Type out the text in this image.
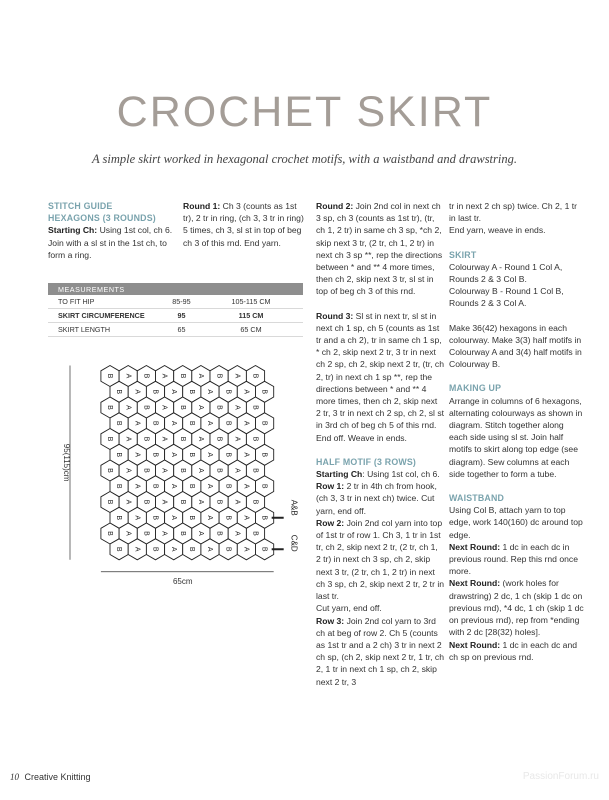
CROCHET SKIRT
A simple skirt worked in hexagonal crochet motifs, with a waistband and drawstring.
STITCH GUIDE
HEXAGONS (3 ROUNDS)

Starting Ch: Using 1st col, ch 6. Join with a sl st in the 1st ch, to form a ring.

Round 1: Ch 3 (counts as 1st tr), 2 tr in ring, (ch 3, 3 tr in ring) 5 times, ch 3, sl st in top of beg ch 3 of this rnd. End yarn.

MEASUREMENTS
TO FIT HIP	85-95	105-115 CM
SKIRT CIRCUMFERENCE	95	115 CM
SKIRT LENGTH	65	65 CM
B A B A B A B A B
B A B A B A B A B
B A B A B A B A B
B A B A B A B A B
B A B A B A B A B
B A B A B A B A B
B A B A B A B A B
B A B A B A B A B
B A B A B A B A B
B A B A B A B A B
B A B A B A B A B
B A B A B A B A B
65cm
95(115)cm
A&B
C&D

Round 2: Join 2nd col in next ch 3 sp, ch 3 (counts as 1st tr), (tr, ch 1, 2 tr) in same ch 3 sp, *ch 2, skip next 3 tr, (2 tr, ch 1, 2 tr) in next ch 3 sp **, rep the directions between * and ** 4 more times, then ch 2, skip next 3 tr, sl st in top of beg ch 3 of this rnd.

Round 3: Sl st in next tr, sl st in next ch 1 sp, ch 5 (counts as 1st tr and a ch 2), tr in same ch 1 sp, * ch 2, skip next 2 tr, 3 tr in next ch 2 sp, ch 2, skip next 2 tr, (tr, ch 2, tr) in next ch 1 sp **, rep the directions between * and ** 4 more times, then ch 2, skip next 2 tr, 3 tr in next ch 2 sp, ch 2, sl st in 3rd ch of beg ch 5 of this rnd.

End off. Weave in ends.

HALF MOTIF (3 ROWS)
Starting Ch: Using 1st col, ch 6.
Row 1: 2 tr in 4th ch from hook, (ch 3, 3 tr in next ch) twice. Cut yarn, end off.
Row 2: Join 2nd col yarn into top of 1st tr of row 1. Ch 3, 1 tr in 1st tr, ch 2, skip next 2 tr, (2 tr, ch 1, 2 tr) in next ch 3 sp, ch 2, skip next 3 tr, (2 tr, ch 1, 2 tr) in next ch 3 sp, ch 2, skip next 2 tr, 2 tr in last tr.
Cut yarn, end off.
Row 3: Join 2nd col yarn to 3rd ch at beg of row 2. Ch 5 (counts as 1st tr and a 2 ch) 3 tr in next 2 ch sp, (ch 2, skip next 2 tr, 1 tr, ch 2, 1 tr in next ch 1 sp, ch 2, skip next 2 tr, 3

tr in next 2 ch sp) twice. Ch 2, 1 tr in last tr.
End yarn, weave in ends.

SKIRT

Colourway A - Round 1 Col A,
Rounds 2 & 3 Col B.
Colourway B - Round 1 Col B,
Rounds 2 & 3 Col A.

Make 36(42) hexagons in each colourway. Make 3(3) half motifs in Colourway A and 3(4) half motifs in Colourway B.

MAKING UP

Arrange in columns of 6 hexagons, alternating colourways as shown in diagram. Stitch together along each side using sl st. Join half motifs to skirt along top edge (see diagram). Sew columns at each side together to form a tube.

WAISTBAND
Using Col B, attach yarn to top edge, work 140(160) dc around top edge.
Next Round: 1 dc in each dc in previous round. Rep this rnd once more.
Next Round: (work holes for drawstring) 2 dc, 1 ch (skip 1 dc on previous rnd), *4 dc, 1 ch (skip 1 dc on previous rnd), rep from *ending with 2 dc [28(32) holes].
Next Round: 1 dc in each dc and ch sp on previous rnd.
10 Creative Knitting	PassionForum.ru
